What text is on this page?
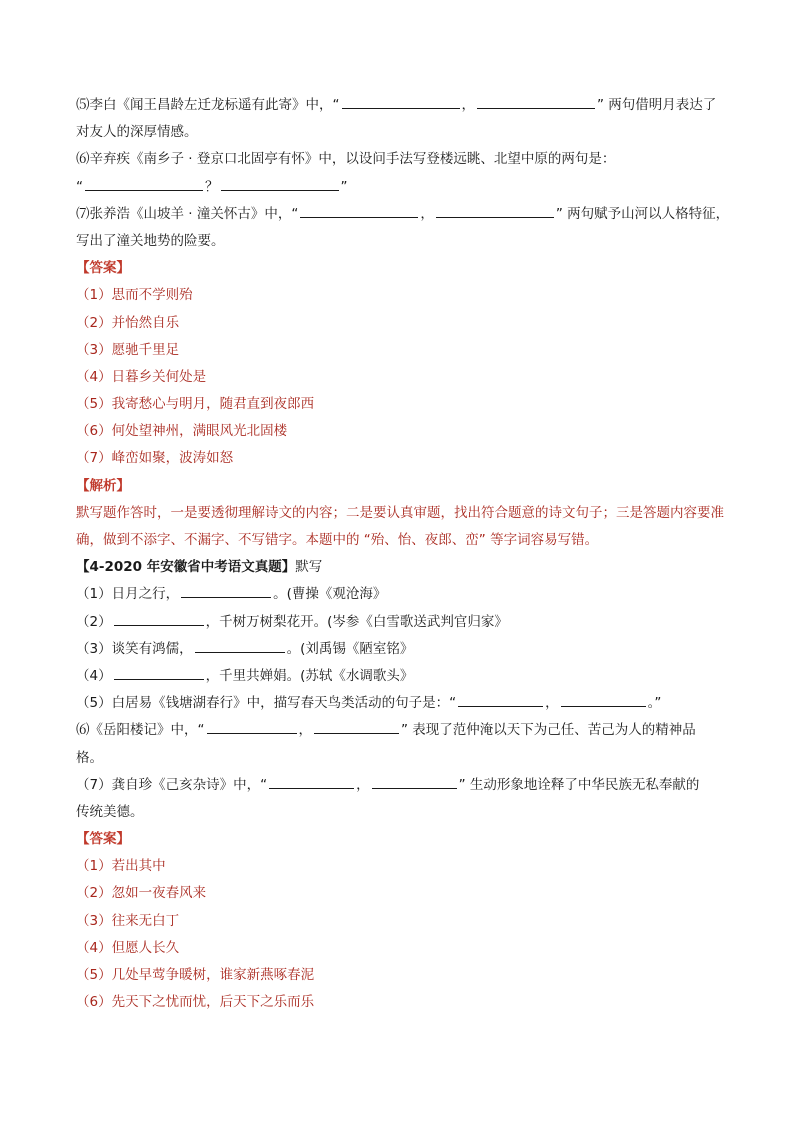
⑸李白《闻王昌龄左迁龙标遥有此寄》中，“	，	” 两句借明月表达了
对友人的深厚情感。
⑹辛弃疾《南乡子 · 登京口北固亭有怀》中，以设问手法写登楼远眺、北望中原的两句是：
“	？	”
⑺张养浩《山坡羊 · 潼关怀古》中，“	，	” 两句赋予山河以人格特征，
写出了潼关地势的险要。
【答案】
（1）思而不学则殆
（2）并怡然自乐
（3）愿驰千里足
（4）日暮乡关何处是
（5）我寄愁心与明月，随君直到夜郎西
（6）何处望神州，满眼风光北固楼
（7）峰峦如聚，波涛如怒
【解析】
默写题作答时，一是要透彻理解诗文的内容；二是要认真审题，找出符合题意的诗文句子；三是答题内容要准确，做到不添字、不漏字、不写错字。本题中的 “殆、怡、夜郎、峦” 等字词容易写错。
【4-2020 年安徽省中考语文真题】默写
（1）日月之行，	。(曹操《观沧海》
（2）	，千树万树梨花开。(岑参《白雪歌送武判官归家》
（3）谈笑有鸿儒，	。(刘禹锡《陋室铭》
（4）	，千里共婵娟。(苏轼《水调歌头》
（5）白居易《钱塘湖春行》中，描写春天鸟类活动的句子是：“	，	。”
⑹《岳阳楼记》中，“	，	” 表现了范仲淹以天下为己任、苦己为人的精神品
格。
（7）龚自珍《己亥杂诗》中，“	，	” 生动形象地诠释了中华民族无私奉献的
传统美德。
【答案】
（1）若出其中
（2）忽如一夜春风来
（3）往来无白丁
（4）但愿人长久
（5）几处早莺争暖树，谁家新燕啄春泥
（6）先天下之忧而忧，后天下之乐而乐
